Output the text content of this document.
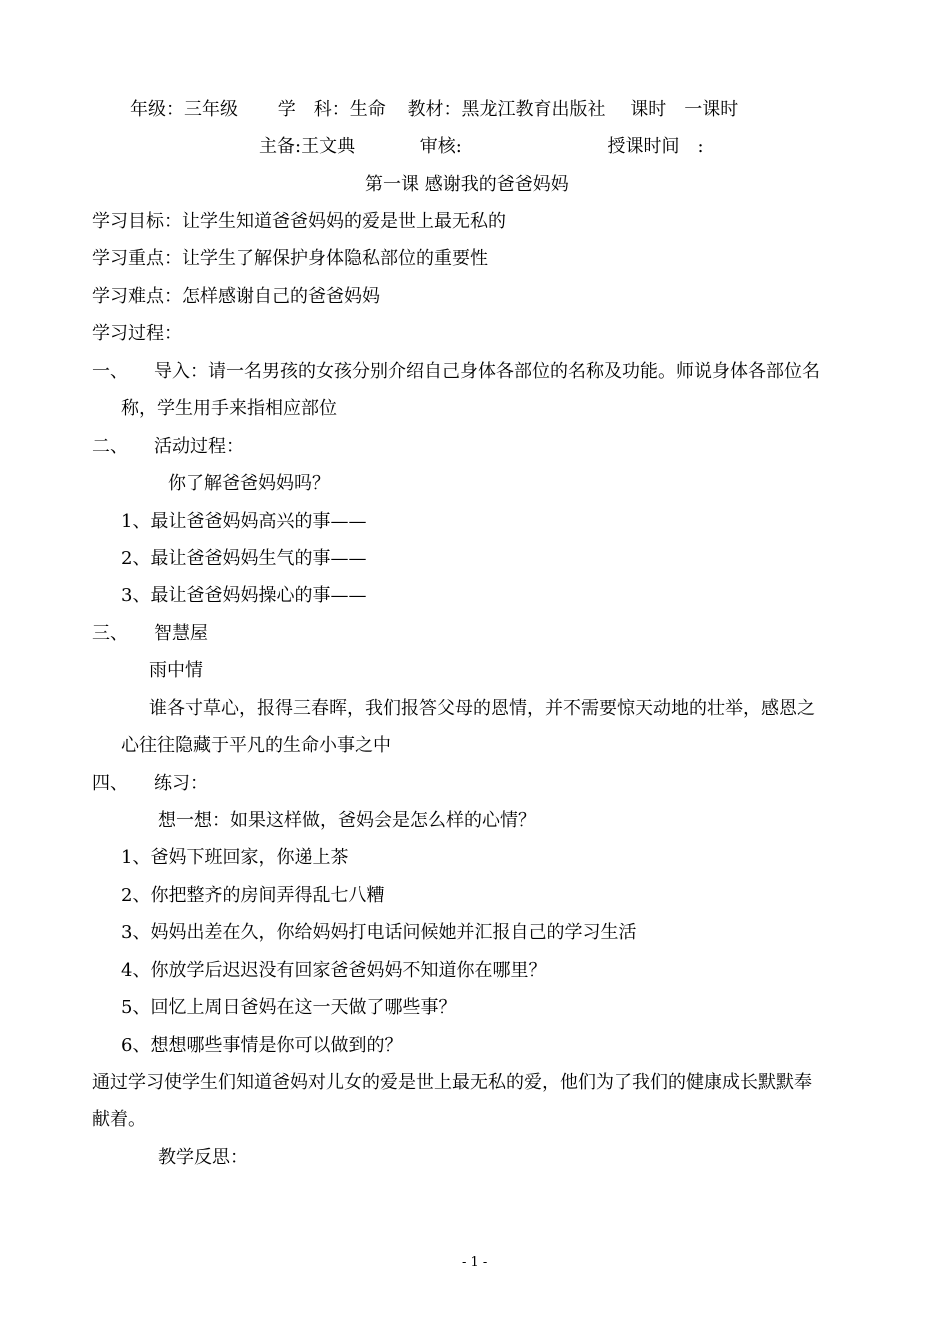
年级：三年级 学　科：生命 教材：黑龙江教育出版社 课时　一课时
主备:王文典	审核:	授课时间　:
第一课 感谢我的爸爸妈妈
学习目标：让学生知道爸爸妈妈的爱是世上最无私的
学习重点：让学生了解保护身体隐私部位的重要性
学习难点：怎样感谢自己的爸爸妈妈
学习过程：
一、 导入：请一名男孩的女孩分别介绍自己身体各部位的名称及功能。师说身体各部位名
称，学生用手来指相应部位
二、 活动过程：
你了解爸爸妈妈吗？
1、最让爸爸妈妈高兴的事——
2、最让爸爸妈妈生气的事——
3、最让爸爸妈妈操心的事——
三、 智慧屋
雨中情
谁各寸草心，报得三春晖，我们报答父母的恩情，并不需要惊天动地的壮举，感恩之
心往往隐藏于平凡的生命小事之中
四、 练习：
想一想：如果这样做，爸妈会是怎么样的心情？
1、爸妈下班回家，你递上茶
2、你把整齐的房间弄得乱七八糟
3、妈妈出差在久，你给妈妈打电话问候她并汇报自己的学习生活
4、你放学后迟迟没有回家爸爸妈妈不知道你在哪里？
5、回忆上周日爸妈在这一天做了哪些事？
6、想想哪些事情是你可以做到的？
通过学习使学生们知道爸妈对儿女的爱是世上最无私的爱，他们为了我们的健康成长默默奉
献着。
教学反思：
- 1 -
